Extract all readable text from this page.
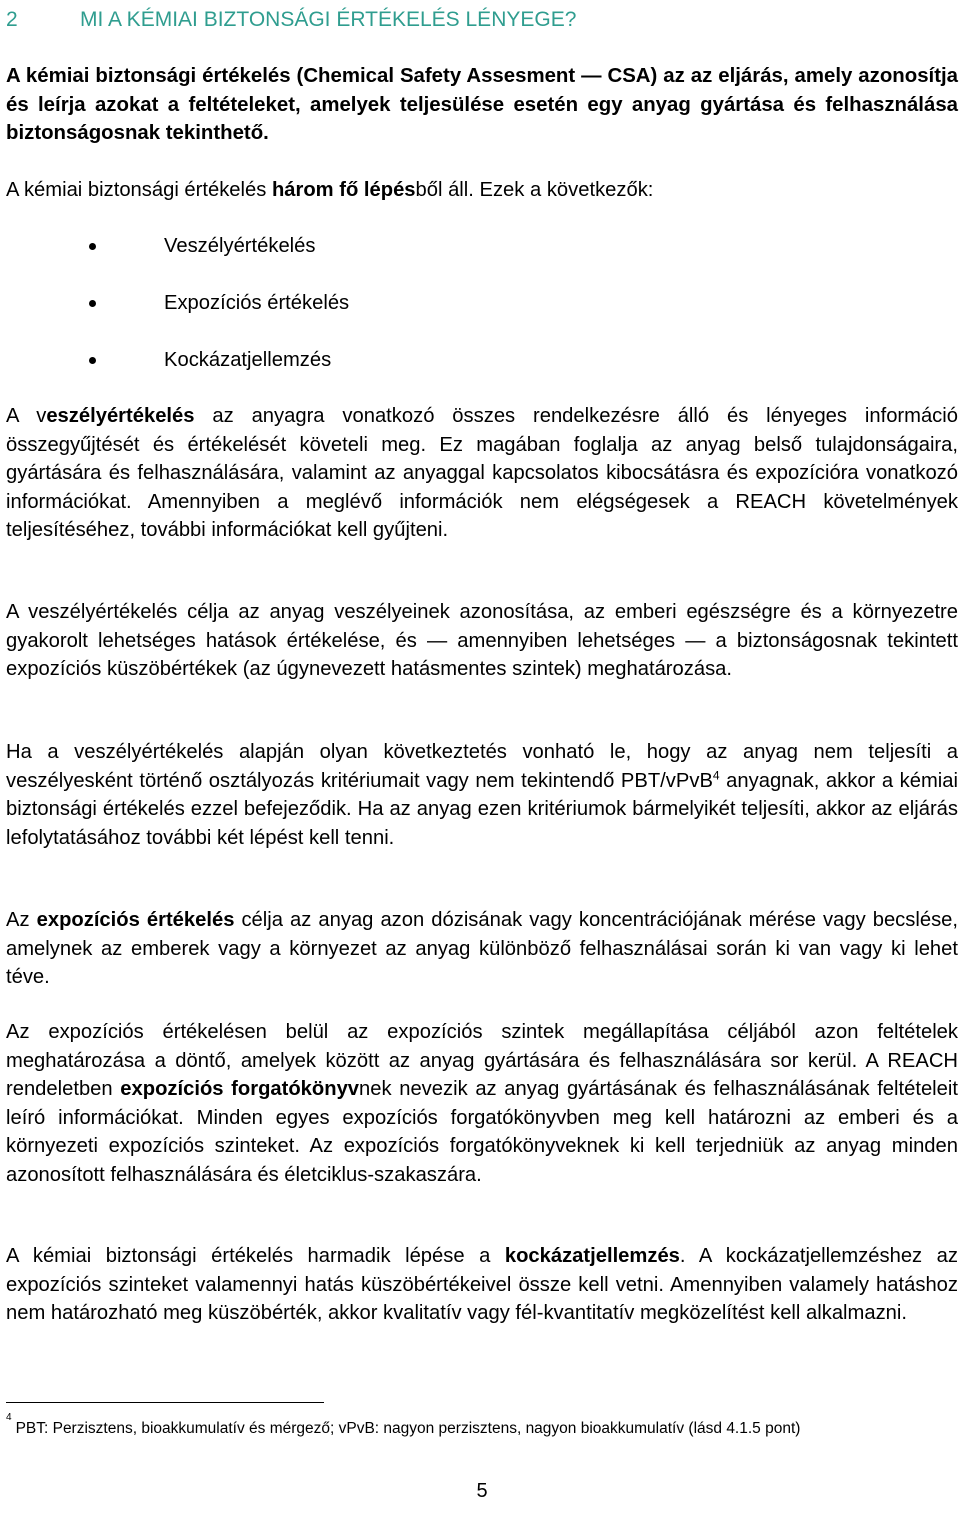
2	MI A KÉMIAI BIZTONSÁGI ÉRTÉKELÉS LÉNYEGE?
A kémiai biztonsági értékelés (Chemical Safety Assesment — CSA) az az eljárás, amely azonosítja és leírja azokat a feltételeket, amelyek teljesülése esetén egy anyag gyártása és felhasználása biztonságosnak tekinthető.
A kémiai biztonsági értékelés három fő lépésből áll. Ezek a következők:
Veszélyértékelés
Expozíciós értékelés
Kockázatjellemzés
A veszélyértékelés az anyagra vonatkozó összes rendelkezésre álló és lényeges információ összegyűjtését és értékelését követeli meg. Ez magában foglalja az anyag belső tulajdonságaira, gyártására és felhasználására, valamint az anyaggal kapcsolatos kibocsátásra és expozícióra vonatkozó információkat. Amennyiben a meglévő információk nem elégségesek a REACH követelmények teljesítéséhez, további információkat kell gyűjteni.
A veszélyértékelés célja az anyag veszélyeinek azonosítása, az emberi egészségre és a környezetre gyakorolt lehetséges hatások értékelése, és — amennyiben lehetséges — a biztonságosnak tekintett expozíciós küszöbértékek (az úgynevezett hatásmentes szintek) meghatározása.
Ha a veszélyértékelés alapján olyan következtetés vonható le, hogy az anyag nem teljesíti a veszélyesként történő osztályozás kritériumait vagy nem tekintendő PBT/vPvB$^4$ anyagnak, akkor a kémiai biztonsági értékelés ezzel befejeződik. Ha az anyag ezen kritériumok bármelyikét teljesíti, akkor az eljárás lefolytatásához további két lépést kell tenni.
Az expozíciós értékelés célja az anyag azon dózisának vagy koncentrációjának mérése vagy becslése, amelynek az emberek vagy a környezet az anyag különböző felhasználásai során ki van vagy ki lehet téve.
Az expozíciós értékelésen belül az expozíciós szintek megállapítása céljából azon feltételek meghatározása a döntő, amelyek között az anyag gyártására és felhasználására sor kerül. A REACH rendeletben expozíciós forgatókönyvnek nevezik az anyag gyártásának és felhasználásának feltételeit leíró információkat. Minden egyes expozíciós forgatókönyvben meg kell határozni az emberi és a környezeti expozíciós szinteket. Az expozíciós forgatókönyveknek ki kell terjedniük az anyag minden azonosított felhasználására és életciklus-szakaszára.
A kémiai biztonsági értékelés harmadik lépése a kockázatjellemzés. A kockázatjellemzéshez az expozíciós szinteket valamennyi hatás küszöbértékeivel össze kell vetni. Amennyiben valamely hatáshoz nem határozható meg küszöbérték, akkor kvalitatív vagy fél-kvantitatív megközelítést kell alkalmazni.
$^4$PBT: Perzisztens, bioakkumulatív és mérgező; vPvB: nagyon perzisztens, nagyon bioakkumulatív (lásd 4.1.5 pont)
5
